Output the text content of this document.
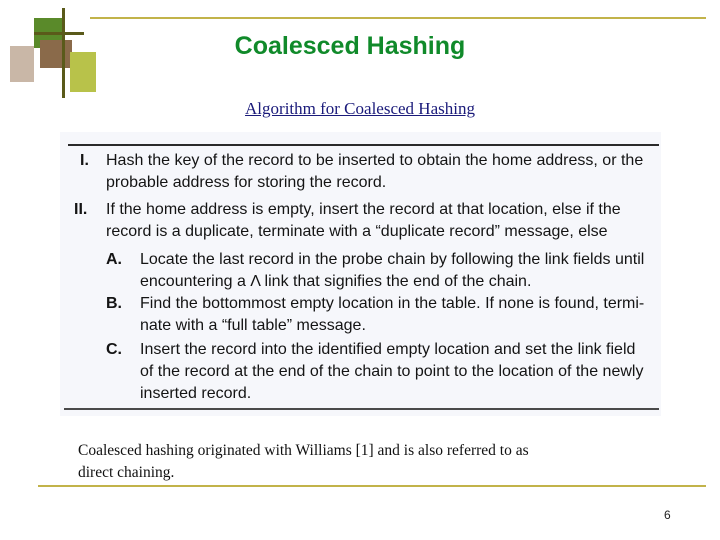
Coalesced Hashing
Algorithm for Coalesced Hashing
I. Hash the key of the record to be inserted to obtain the home address, or the
probable address for storing the record.
II. If the home address is empty, insert the record at that location, else if the
record is a duplicate, terminate with a “duplicate record” message, else
A. Locate the last record in the probe chain by following the link fields until
encountering a Λ link that signifies the end of the chain.
B. Find the bottommost empty location in the table. If none is found, termi-
nate with a “full table” message.
C. Insert the record into the identified empty location and set the link field
of the record at the end of the chain to point to the location of the newly
inserted record.
Coalesced hashing originated with Williams [1] and is also referred to as
direct chaining.
6
